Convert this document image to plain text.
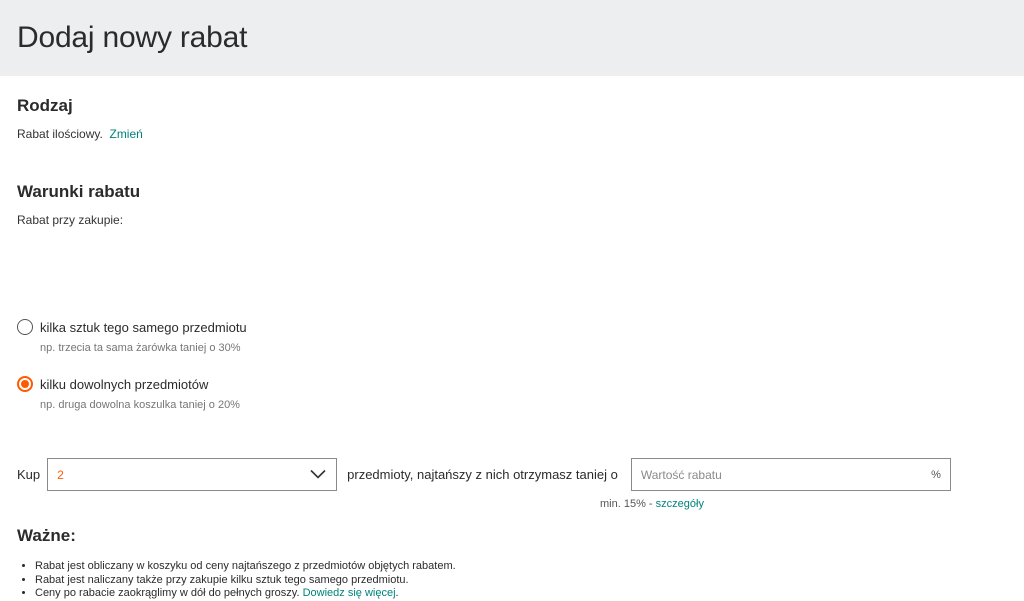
Dodaj nowy rabat
Rodzaj
Rabat ilościowy. Zmień
Warunki rabatu
Rabat przy zakupie:
kilka sztuk tego samego przedmiotu
np. trzecia ta sama żarówka taniej o 30%
kilku dowolnych przedmiotów
np. druga dowolna koszulka taniej o 20%
Kup 2	przedmioty, najtańszy z nich otrzymasz taniej o
Wartość rabatu	%
min. 15% - szczegóły
Ważne:
• Rabat jest obliczany w koszyku od ceny najtańszego z przedmiotów objętych rabatem.
• Rabat jest naliczany także przy zakupie kilku sztuk tego samego przedmiotu.
• Ceny po rabacie zaokrąglimy w dół do pełnych groszy. Dowiedz się więcej.
